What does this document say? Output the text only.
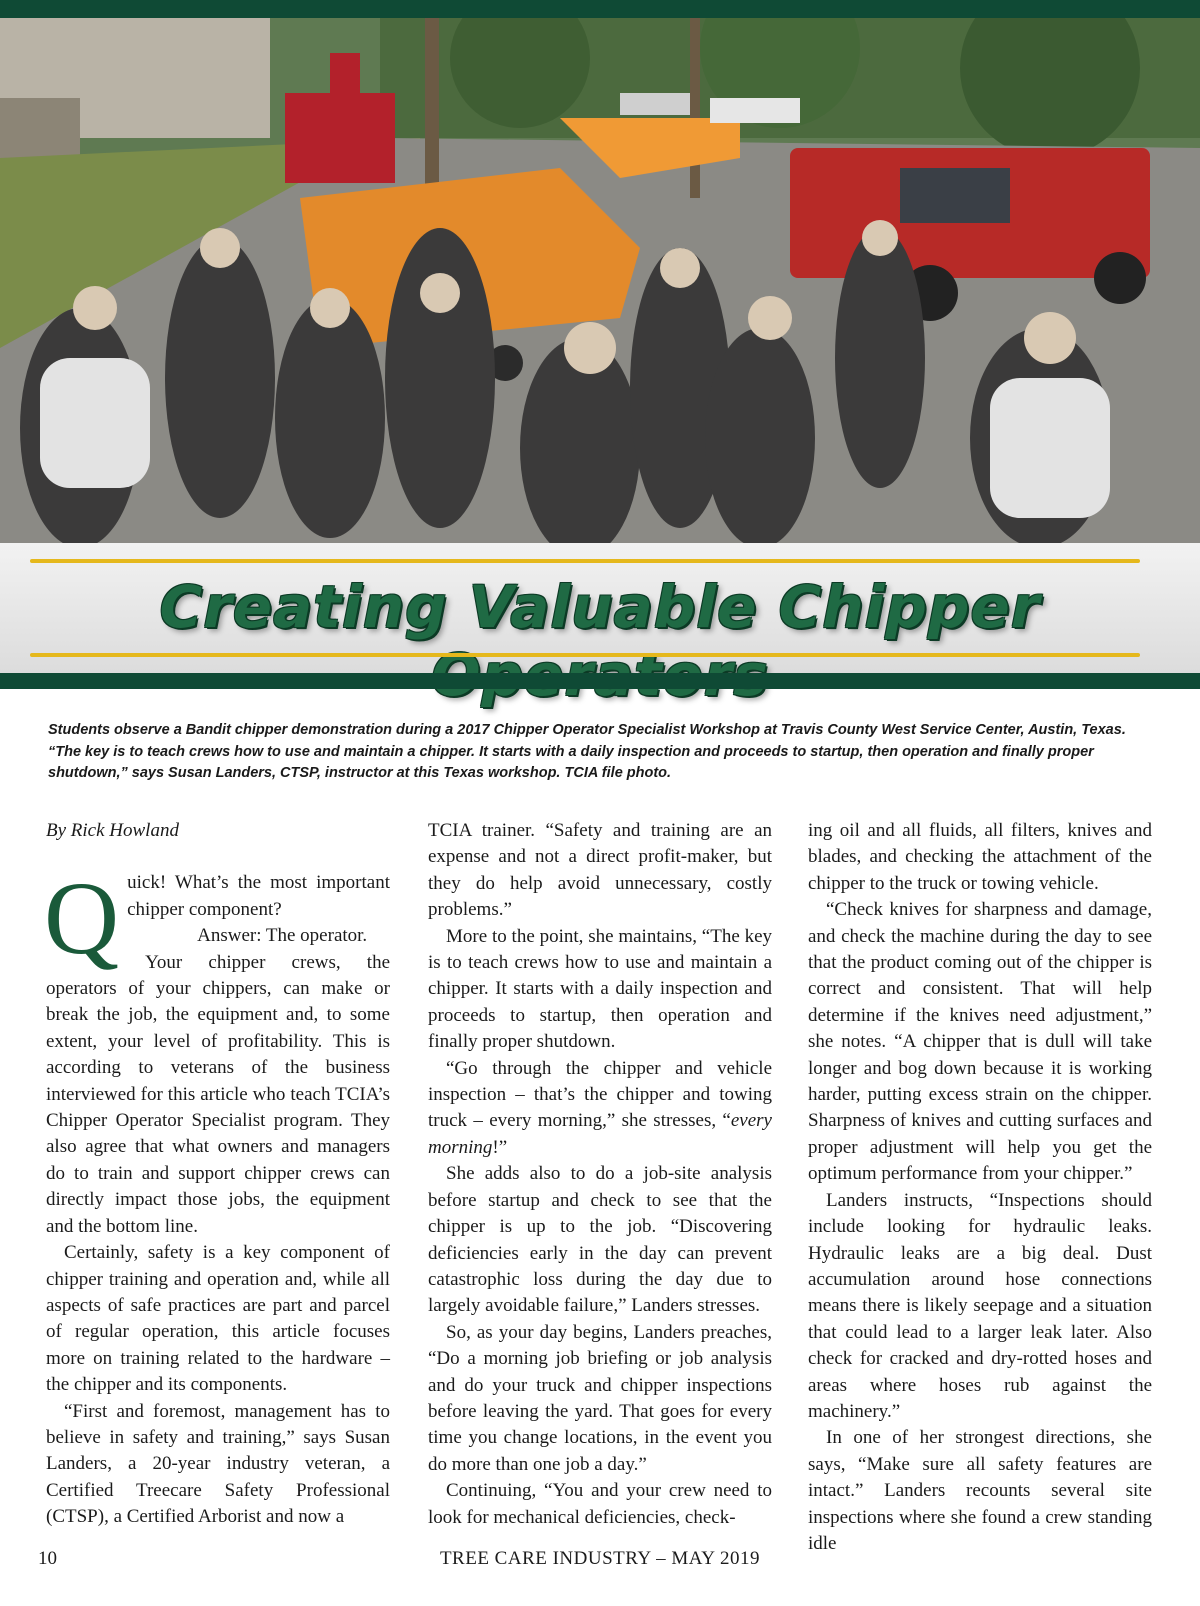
Creating Valuable Chipper
Students observe a Bandit chipper demonstration during a 2017 Chipper Operator Specialist Workshop at Travis County West Service Center, Austin, Texas. “The key is to teach crews how to use and maintain a chipper. It starts with a daily inspection and proceeds to startup, then operation and finally proper shutdown,” says Susan Landers, CTSP, instructor at this Texas workshop. TCIA file photo.
By Rick Howland

Quick! What’s the most important chipper component?

Answer: The operator.

Your chipper crews, the operators of your chippers, can make or break the job, the equipment and, to some extent, your level of profitability. This is according to veterans of the business interviewed for this article who teach TCIA’s Chipper Operator Specialist program. They also agree that what owners and managers do to train and support chipper crews can directly impact those jobs, the equipment and the bottom line.

Certainly, safety is a key component of chipper training and operation and, while all aspects of safe practices are part and parcel of regular operation, this article focuses more on training related to the hardware – the chipper and its components.

“First and foremost, management has to believe in safety and training,” says Susan Landers, a 20-year industry veteran, a Certified Treecare Safety Professional (CTSP), a Certified Arborist and now a

TCIA trainer. “Safety and training are an expense and not a direct profit-maker, but they do help avoid unnecessary, costly problems.”

More to the point, she maintains, “The key is to teach crews how to use and maintain a chipper. It starts with a daily inspection and proceeds to startup, then operation and finally proper shutdown.

“Go through the chipper and vehicle inspection – that’s the chipper and towing truck – every morning,” she stresses, “every morning!”

She adds also to do a job-site analysis before startup and check to see that the chipper is up to the job. “Discovering deficiencies early in the day can prevent catastrophic loss during the day due to largely avoidable failure,” Landers stresses.

So, as your day begins, Landers preaches, “Do a morning job briefing or job analysis and do your truck and chipper inspections before leaving the yard. That goes for every time you change locations, in the event you do more than one job a day.”

Continuing, “You and your crew need to look for mechanical deficiencies, check-

ing oil and all fluids, all filters, knives and blades, and checking the attachment of the chipper to the truck or towing vehicle.

“Check knives for sharpness and damage, and check the machine during the day to see that the product coming out of the chipper is correct and consistent. That will help determine if the knives need adjustment,” she notes. “A chipper that is dull will take longer and bog down because it is working harder, putting excess strain on the chipper. Sharpness of knives and cutting surfaces and proper adjustment will help you get the optimum performance from your chipper.”

Landers instructs, “Inspections should include looking for hydraulic leaks. Hydraulic leaks are a big deal. Dust accumulation around hose connections means there is likely seepage and a situation that could lead to a larger leak later. Also check for cracked and dry-rotted hoses and areas where hoses rub against the machinery.”

In one of her strongest directions, she says, “Make sure all safety features are intact.” Landers recounts several site inspections where she found a crew standing idle

10	TREE CARE INDUSTRY – MAY 2019
